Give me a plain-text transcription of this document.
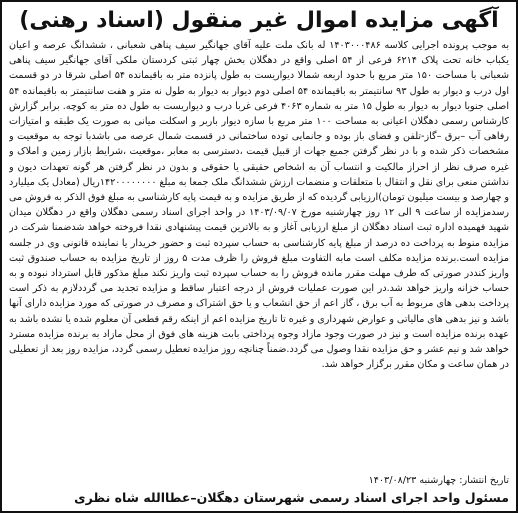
آگهی مزایده اموال غیر منقول (اسناد رهنی)

به موجب پرونده اجرایی کلاسه ۱۴۰۳۰۰۰۴۸۶ له بانک ملت علیه آقای جهانگیر سیف پناهی شعبانی ، ششدانگ عرصه و اعیان یکباب خانه تحت پلاک ۶۲۱۴ فرعی از ۵۴ اصلی واقع در دهگلان بخش چهار ثبتی کردستان ملکی آقای جهانگیر سیف پناهی شعبانی با مساحت ۱۵۰ متر مربع با حدود اربعه شمالا دیواریست به طول پانزده متر به باقیمانده ۵۴ اصلی شرقا در دو قسمت اول درب و دیوار به طول ۹۳ سانتیمتر به باقیمانده ۵۴ اصلی دوم دیوار به دیوار به طول نه متر و هفت سانتیمتر به باقیمانده ۵۴ اصلی جنوبا دیوار به دیوار به طول ۱۵ متر به شماره ۴۰۶۳ فرعی غربا درب و دیواریست به طول ده متر به کوچه. برابر گزارش کارشناس رسمی دهگلان اعیانی به مساحت ۱۰۰ متر مربع با سازه دیوار باربر و اسکلت میانی به صورت یک طبقه و امتیازات رفاهی آب –برق –گاز-تلفن و فضای باز بوده و جانمایی توده ساختمانی در قسمت شمال عرصه می باشدبا توجه به موقعیت و مشخصات ذکر شده و با در نظر گرفتن جمیع جهات از قبیل قیمت ،دسترسی به معابر ،موقعیت ،شرایط بازار زمین و املاک و غیره صرف نظر از احراز مالکیت و انتساب آن به اشخاص حقیقی یا حقوقی و بدون در نظر گرفتن هر گونه تعهدات دیون و نداشتن منعی برای نقل و انتقال با متعلقات و منضمات ارزش ششدانگ ملک جمعا به مبلغ ۱۴۲۰۰۰۰۰۰۰۰ریال (معادل یک میلیارد و چهارصد و بیست میلیون تومان)ارزیابی گردیده که از طریق مزایده و به قیمت پایه کارشناسی به مبلغ فوق الذکر به فروش می رسدمزایده از ساعت ۹ الی ۱۲ روز چهارشنبه مورخ ۱۴۰۳/۰۹/۰۷ در واحد اجرای اسناد رسمی دهگلان واقع در دهگلان میدان شهید فهمیده اداره ثبت اسناد دهگلان از مبلغ ارزیابی آغاز و به بالاترین قیمت پیشنهادی نقدا فروخته خواهد شدضمنا شرکت در مزایده منوط به پرداخت ده درصد از مبلغ پایه کارشناسی به حساب سپرده ثبت و حضور خریدار یا نماینده قانونی وی در جلسه مزایده است.برنده مزایده مکلف است مابه التفاوت مبلغ فروش را ظرف مدت ۵ روز از تاریخ مزایده به حساب صندوق ثبت واریز کنددر صورتی که طرف مهلت مقرر مانده فروش را به حساب سپرده ثبت واریز نکند مبلغ مذکور قابل استرداد نبوده و به حساب خزانه واریز خواهد شد.در این صورت عملیات فروش از درجه اعتبار ساقط و مزایده تجدید می گرددلازم به ذکر است پرداخت بدهی های مربوط به آب برق ، گاز اعم از حق انشعاب و یا حق اشتراک و مصرف در صورتی که مورد مزایده دارای آنها باشد و نیز بدهی های مالیاتی و عوارض شهرداری و غیره تا تاریخ مزایده اعم از اینکه رقم قطعی آن معلوم شده یا نشده باشد به عهده برنده مزایده است و نیز در صورت وجود مازاد وجوه پرداختی بابت هزینه های فوق از محل مازاد به برنده مزایده مسترد خواهد شد و نیم عشر و حق مزایده نقدا وصول می گردد.ضمناً چنانچه روز مزایده تعطیل رسمی گردد، مزایده روز بعد از تعطیلی در همان ساعت و مکان مقرر برگزار خواهد شد.

تاریخ انتشار: چهارشنبه ۱۴۰۳/۰۸/۲۳
مسئول واحد اجرای اسناد رسمی شهرستان دهگلان–عطاالله شاه نظری
